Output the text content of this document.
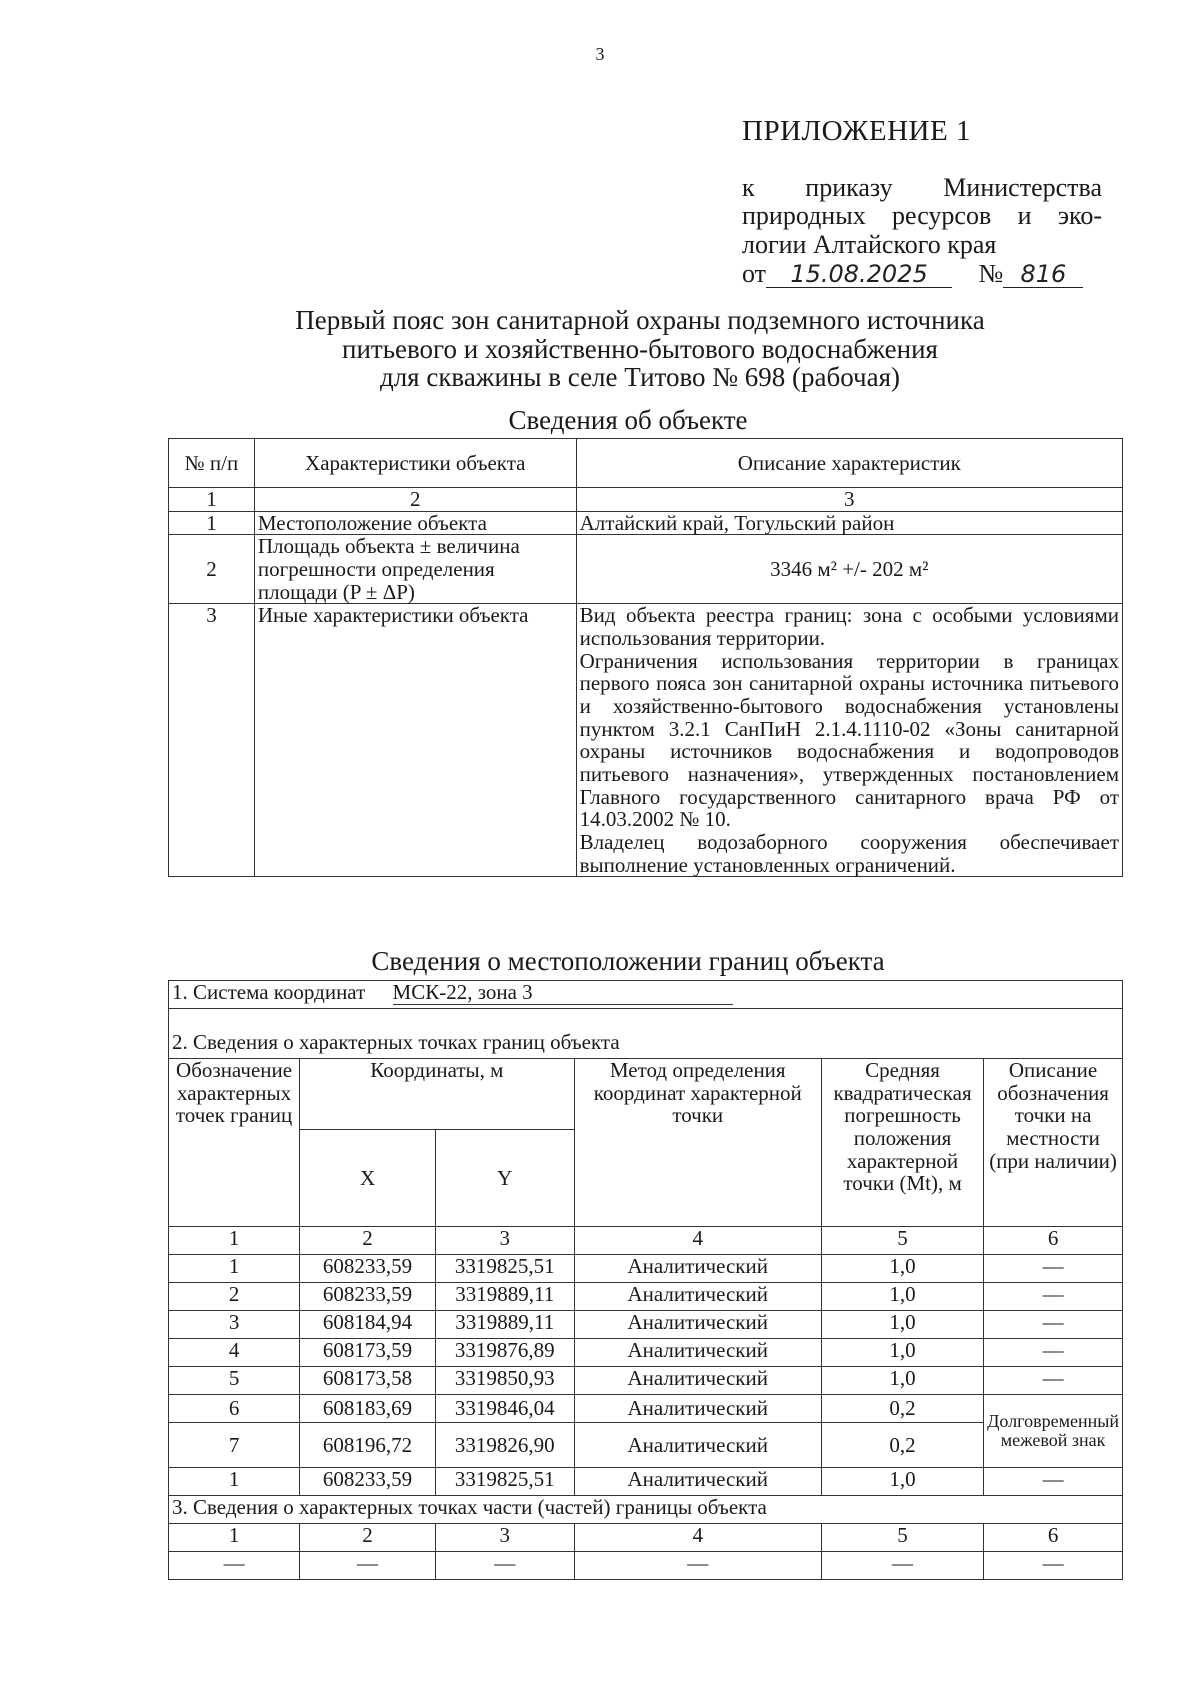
3
ПРИЛОЖЕНИЕ 1
к приказу Министерства
природных ресурсов и эко-
логии Алтайского края
от 15.08.2025 № 816
Первый пояс зон санитарной охраны подземного источника
питьевого и хозяйственно-бытового водоснабжения
для скважины в селе Титово № 698 (рабочая)
Сведения об объекте
№ п/п	Характеристики объекта	Описание характеристик
1	2	3
1	Местоположение объекта	Алтайский край, Тогульский район
2	Площадь объекта ± величина погрешности определения площади (P ± ΔP)	3346 м² +/- 202 м²
3	Иные характеристики объекта	Вид объекта реестра границ: зона с особыми условиями использования территории.

Ограничения использования территории в границах первого пояса зон санитарной охраны источника питьевого и хозяйственно-бытового водоснабжения установлены пунктом 3.2.1 СанПиН 2.1.4.1110-02 «Зоны санитарной охраны источников водоснабжения и водопроводов питьевого назначения», утвержденных постановлением Главного государственного санитарного врача РФ от 14.03.2002 № 10.

Владелец водозаборного сооружения обеспечивает выполнение установленных ограничений.

Сведения о местоположении границ объекта
1. Система координат МСК-22, зона 3					
2. Сведения о характерных точках границ объекта					
Обозначение характерных точек границ	Координаты, м		Метод определения координат характерной точки	Средняя квадратическая погрешность положения характерной точки (Mt), м	Описание обозначения точки на местности (при наличии)
	X	Y			
1	2	3	4	5	6
1	608233,59	3319825,51	Аналитический	1,0	—
2	608233,59	3319889,11	Аналитический	1,0	—
3	608184,94	3319889,11	Аналитический	1,0	—
4	608173,59	3319876,89	Аналитический	1,0	—
5	608173,58	3319850,93	Аналитический	1,0	—
6	608183,69	3319846,04	Аналитический	0,2	Долговременный межевой знак
7	608196,72	3319826,90	Аналитический	0,2	
1	608233,59	3319825,51	Аналитический	1,0	—
3. Сведения о характерных точках части (частей) границы объекта					
1	2	3	4	5	6
—	—	—	—	—	—
